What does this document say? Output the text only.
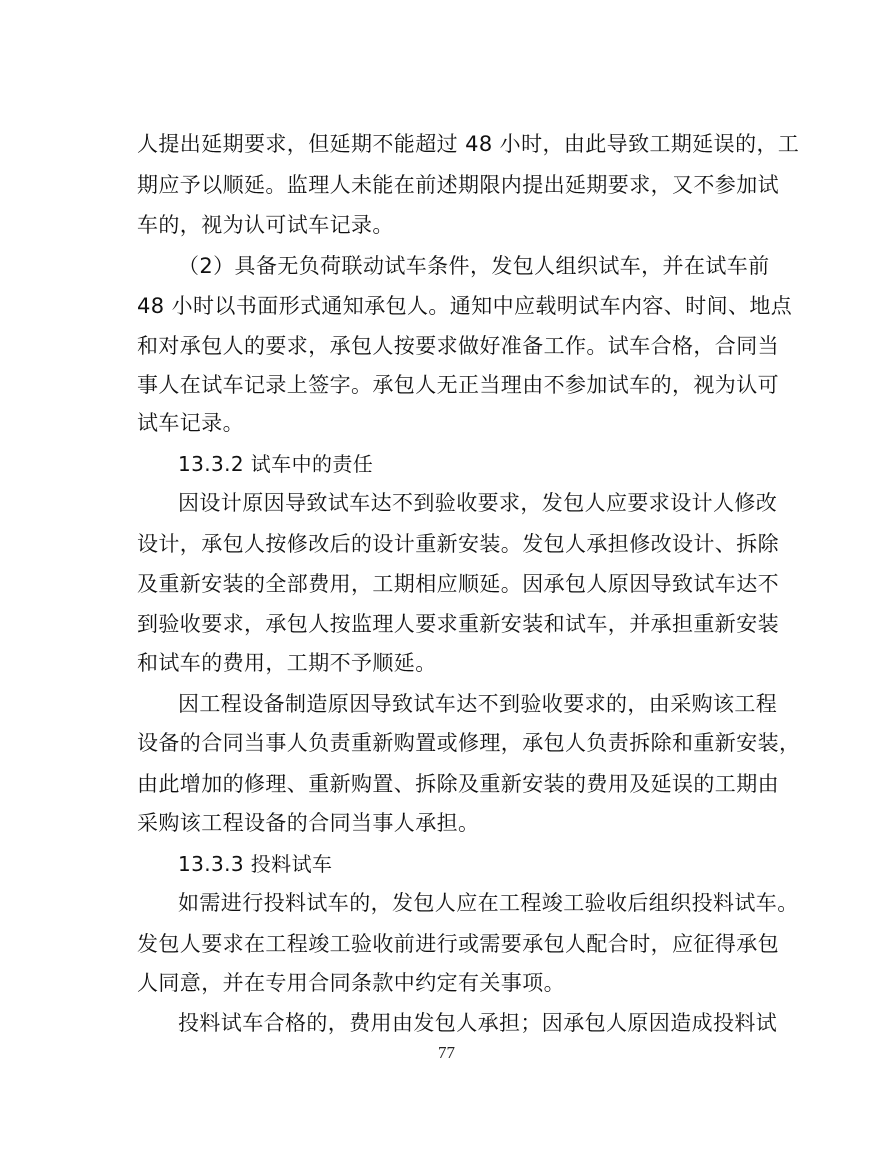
人提出延期要求，但延期不能超过 48 小时，由此导致工期延误的，工
期应予以顺延。监理人未能在前述期限内提出延期要求，又不参加试
车的，视为认可试车记录。
（2）具备无负荷联动试车条件，发包人组织试车，并在试车前
48 小时以书面形式通知承包人。通知中应载明试车内容、时间、地点
和对承包人的要求，承包人按要求做好准备工作。试车合格，合同当
事人在试车记录上签字。承包人无正当理由不参加试车的，视为认可
试车记录。
13.3.2 试车中的责任
因设计原因导致试车达不到验收要求，发包人应要求设计人修改
设计，承包人按修改后的设计重新安装。发包人承担修改设计、拆除
及重新安装的全部费用，工期相应顺延。因承包人原因导致试车达不
到验收要求，承包人按监理人要求重新安装和试车，并承担重新安装
和试车的费用，工期不予顺延。
因工程设备制造原因导致试车达不到验收要求的，由采购该工程
设备的合同当事人负责重新购置或修理，承包人负责拆除和重新安装，
由此增加的修理、重新购置、拆除及重新安装的费用及延误的工期由
采购该工程设备的合同当事人承担。
13.3.3 投料试车
如需进行投料试车的，发包人应在工程竣工验收后组织投料试车。
发包人要求在工程竣工验收前进行或需要承包人配合时，应征得承包
人同意，并在专用合同条款中约定有关事项。
投料试车合格的，费用由发包人承担；因承包人原因造成投料试
77
